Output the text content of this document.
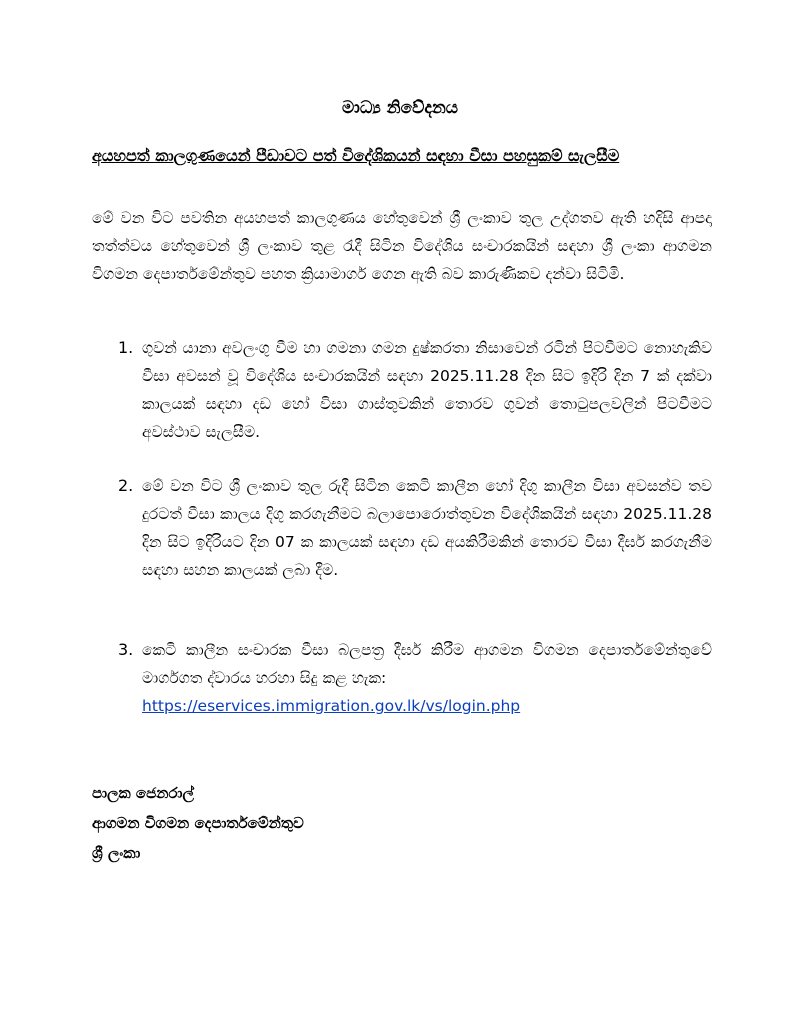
මාධ්‍ය නිවේදනය
අයහපත් කාලගුණයෙන් පීඩාවට පත් විදේශිකයන් සඳහා වීසා පහසුකම් සැලසීම
මේ වන විට පවතින අයහපත් කාලගුණය හේතුවෙන් ශ්‍රී ලංකාව තුල උද්ගතව ඇති හදිසි ආපදා තත්ත්වය හේතුවෙන් ශ්‍රී ලංකාව තුළ රැදී සිටින විදේශිය සංචාරකයින් සඳහා ශ්‍රී ලංකා ආගමන විගමන දෙපාර්තමේන්තුව පහත ක්‍රියාමාර්ග ගෙන ඇති බව කාරුණිකව දන්වා සිටිමි.
1. ගුවන් යානා අවලංගු වීම හා ගමනා ගමන දුෂ්කරතා නිසාවෙන් රටින් පිටවීමට නොහැකිව වීසා අවසන් වූ විදේශිය සංචාරකයින් සඳහා 2025.11.28 දින සිට ඉදිරි දින 7 ක් දක්වා කාලයක් සඳහා දඩ හෝ විසා ගාස්තුවකින් තොරව ගුවන් තොටුපලවලින් පිටවීමට අවස්ථාව සැලසීම.
2. මේ වන විට ශ්‍රී ලංකාව තුල රුදී සිටින කෙටි කාලීන හෝ දිගු කාලීන විසා අවසන්ව තව දුරටත් වීසා කාලය දිගු කරගැනීමට බලාපොරොත්තුවන විදේශිකයින් සඳහා 2025.11.28 දින සිට ඉදිරියට දින 07 ක කාලයක් සඳහා දඩ අයකිරීමකින් තොරව වීසා දීර්ඝ කරගැනීම සඳහා සහන කාලයක් ලබා දීම.
3. කෙටි කාලීන සංචාරක වීසා බලපත්‍ර දීර්ඝ කිරීම ආගමන විගමන දෙපාර්තමේන්තුවේ මාර්ගගත ද්වාරය හරහා සිදු කළ හැක:
https://eservices.immigration.gov.lk/vs/login.php
පාලක ජෙනරාල්
ආගමන විගමන දෙපාර්තමේන්තුව
ශ්‍රී ලංකා
